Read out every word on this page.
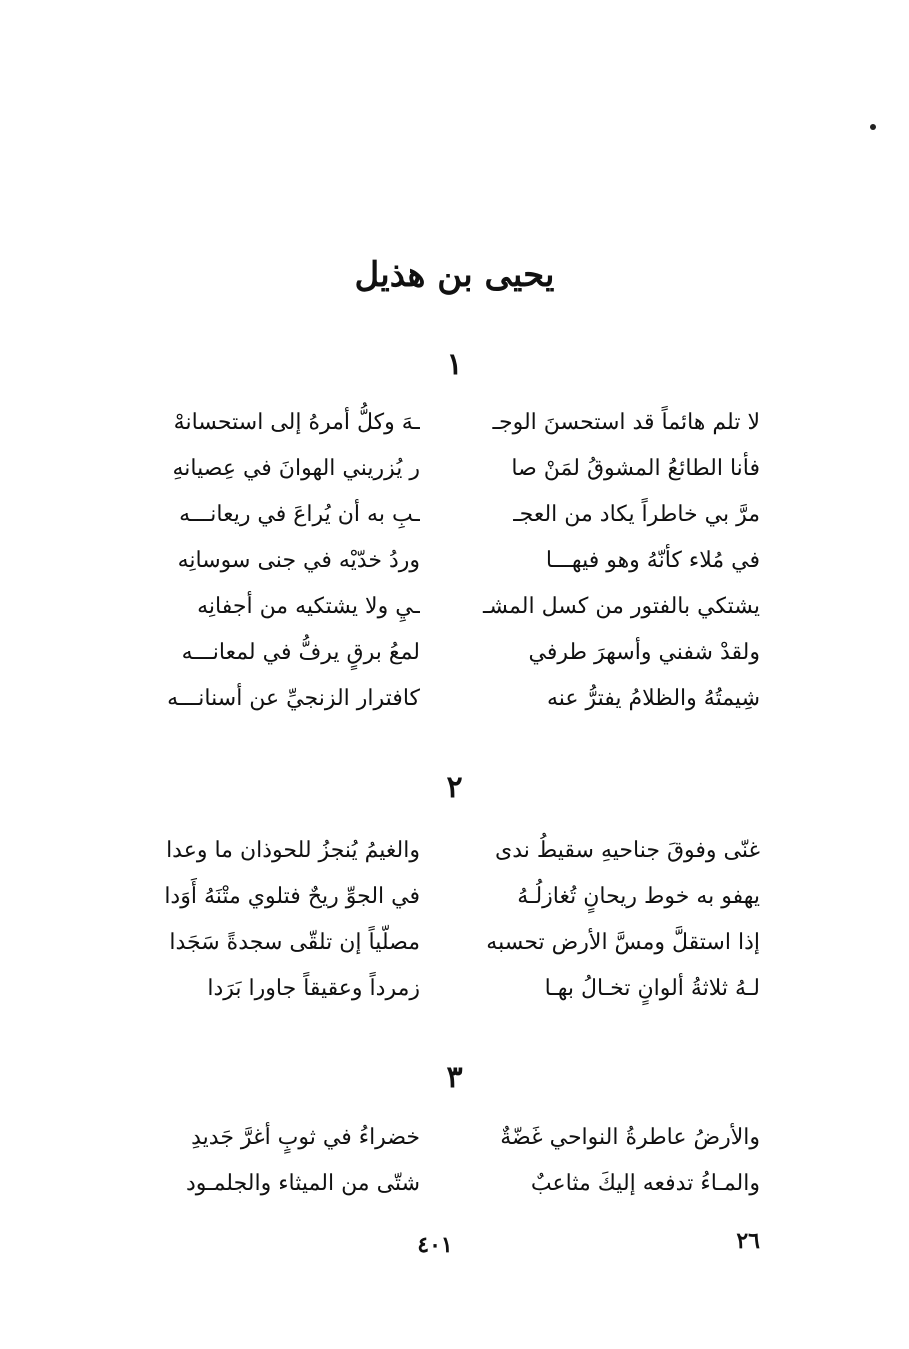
يحيى بن هذيل
١
لا تلم هائماً قد استحسنَ الوجـ
ـهَ وكلُّ أمرهُ إلى استحسانهْ
فأنا الطائعُ المشوقُ لمَنْ صا
ر يُزريني الهوانَ في عِصيانهِ
مرَّ بي خاطراً يكاد من العجـ
ـبِ به أن يُراعَ في ريعانـــه
في مُلاء كأنّهُ وهو فيهـــا
وردُ خدّيْه في جنى سوسانِه
يشتكي بالفتور من كسل المشـ
ـيِ ولا يشتكيه من أجفانِه
ولقدْ شفني وأسهرَ طرفي
لمعُ برقٍ يرفُّ في لمعانـــه
شِيمتُهُ والظلامُ يفترُّ عنه
كافترار الزنجيِّ عن أسنانـــه
٢
غنّى وفوقَ جناحيهِ سقيطُ ندى
والغيمُ يُنجزُ للحوذان ما وعدا
يهفو به خوط ريحانٍ تُغازلُـهُ
في الجوِّ ريحٌ فتلوي متْنَهُ أَوَدا
إذا استقلَّ ومسَّ الأرض تحسبه
مصلّياً إن تلقّى سجدةً سَجَدا
لـهُ ثلاثةُ ألوانٍ تخـالُ بهـا
زمرداً وعقيقاً جاورا بَرَدا
٣
والأرضُ عاطرةُ النواحي غَضّةٌ
خضراءُ في ثوبٍ أغرَّ جَديدِ
والمـاءُ تدفعه إليكَ مثاعبٌ
شتّى من الميثاء والجلمـود
٢٦
٤٠١
